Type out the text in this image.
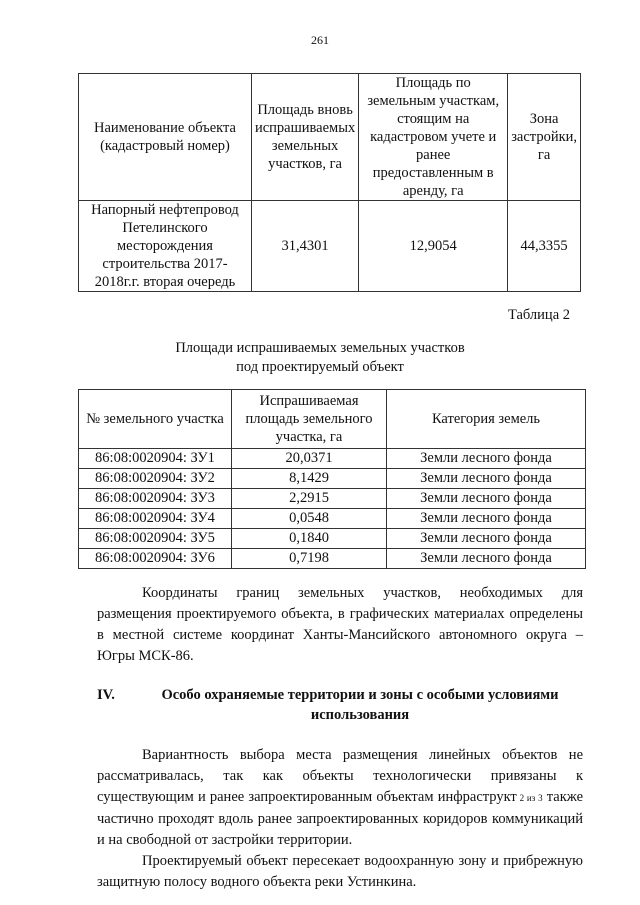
261
Наименование объекта (кадастровый номер)	Площадь вновь испрашиваемых земельных участков, га	Площадь по земельным участкам, стоящим на кадастровом учете и ранее предоставленным в аренду, га	Зона застройки, га
Напорный нефтепровод Петелинского месторождения строительства 2017-2018г.г. вторая очередь	31,4301	12,9054	44,3355
Таблица 2
Площади испрашиваемых земельных участков
под проектируемый объект
№ земельного участка	Испрашиваемая площадь земельного участка, га	Категория земель
86:08:0020904: ЗУ1	20,0371	Земли лесного фонда
86:08:0020904: ЗУ2	8,1429	Земли лесного фонда
86:08:0020904: ЗУ3	2,2915	Земли лесного фонда
86:08:0020904: ЗУ4	0,0548	Земли лесного фонда
86:08:0020904: ЗУ5	0,1840	Земли лесного фонда
86:08:0020904: ЗУ6	0,7198	Земли лесного фонда
Координаты границ земельных участков, необходимых для размещения проектируемого объекта, в графических материалах определены в местной системе координат Ханты-Мансийского автономного округа – Югры МСК-86.
IV.	Особо охраняемые территории и зоны с особыми условиями использования
Вариантность выбора места размещения линейных объектов не рассматривалась, так как объекты технологически привязаны к существующим и ранее запроектированным объектам инфраструкт 2 из 3 также частично проходят вдоль ранее запроектированных коридоров коммуникаций и на свободной от застройки территории.
Проектируемый объект пересекает водоохранную зону и прибрежную защитную полосу водного объекта реки Устинкина.
